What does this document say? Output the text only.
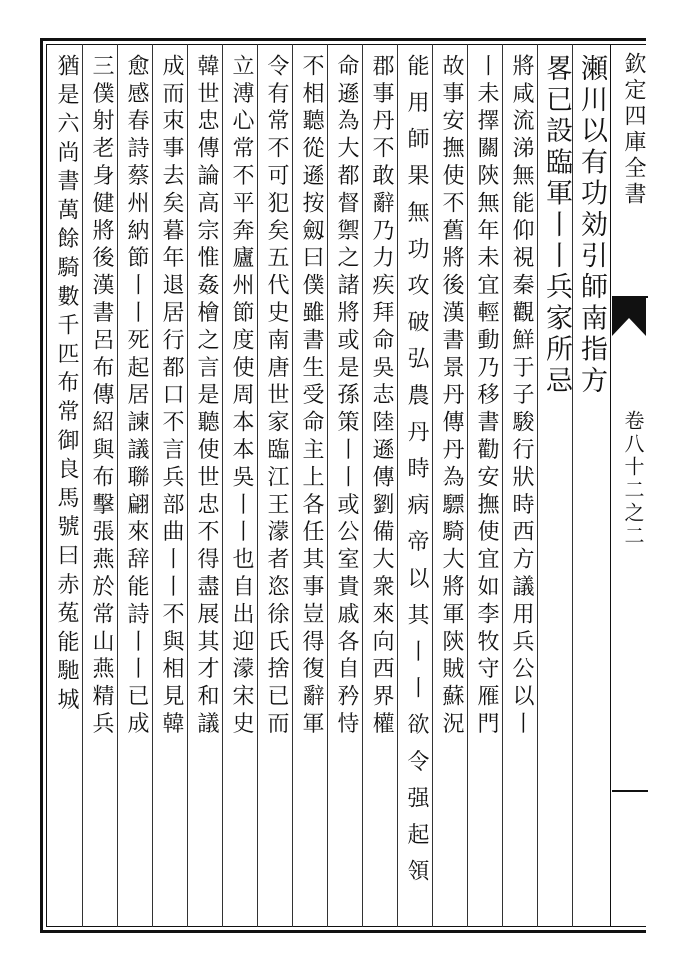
欽定四庫全書
卷八十二之二
瀬川以有功効引師南指方
畧已設臨軍丨丨兵家所忌
將咸流涕無能仰視秦觀鮮于子駿行狀時西方議用兵公以丨
丨未擇關陝無年未宜輕動乃移書勸安撫使宜如李牧守雁門
故事安撫使不舊將後漢書景丹傳丹為驃騎大將軍陝賊蘇況
能用師果無功攻破弘農丹時病帝以其丨丨欲令强起領
郡事丹不敢辭乃力疾拜命吳志陸遜傳劉備大衆來向西界權
命遜為大都督禦之諸將或是孫策丨丨或公室貴戚各自矜恃
不相聽從遜按劔曰僕雖書生受命主上各任其事豈得復辭軍
令有常不可犯矣五代史南唐世家臨江王濛者恣徐氏捨已而
立溥心常不平奔廬州節度使周本本吳丨丨也自出迎濛宋史
韓世忠傳論高宗惟姦檜之言是聽使世忠不得盡展其才和議
成而朿事去矣暮年退居行都口不言兵部曲丨丨不與相見韓
愈感春詩蔡州納節丨丨死起居諫議聯翩來辞能詩丨丨已成
三僕射老身健將後漢書呂布傳紹與布擊張燕於常山燕精兵
猶是六尚書萬餘騎數千匹布常御良馬號曰赤菟能馳城
